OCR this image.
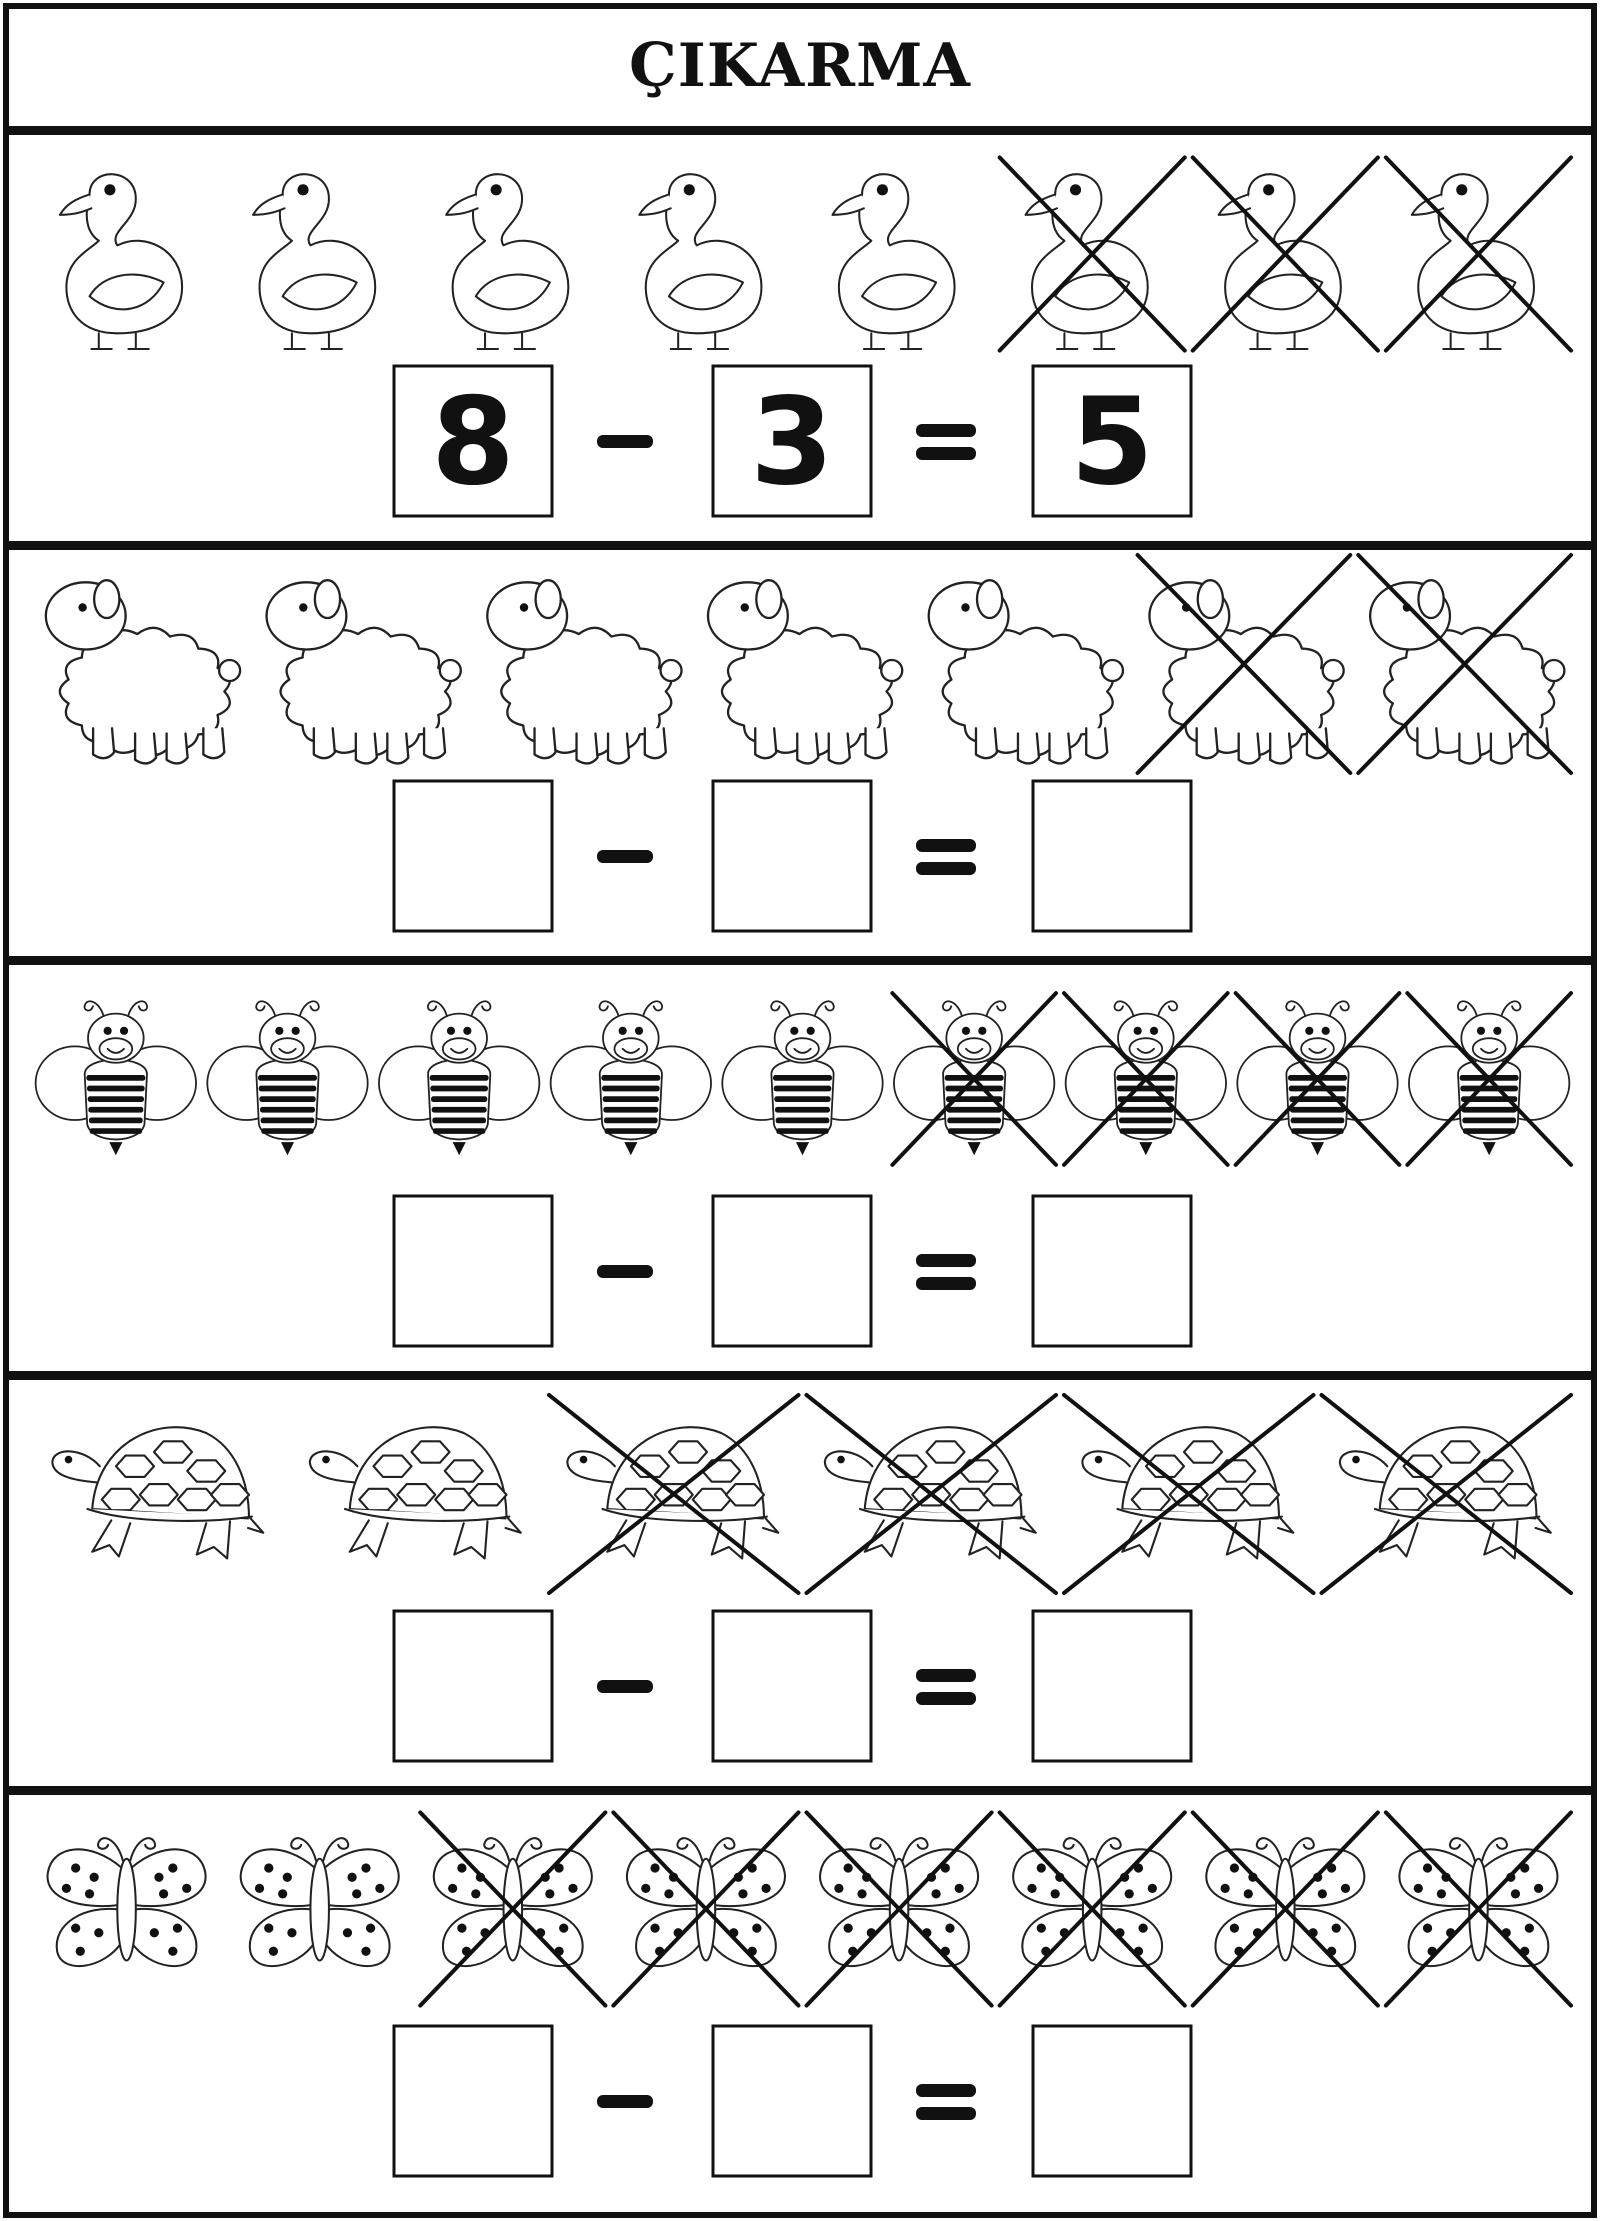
ÇIKARMA
8 3 5
